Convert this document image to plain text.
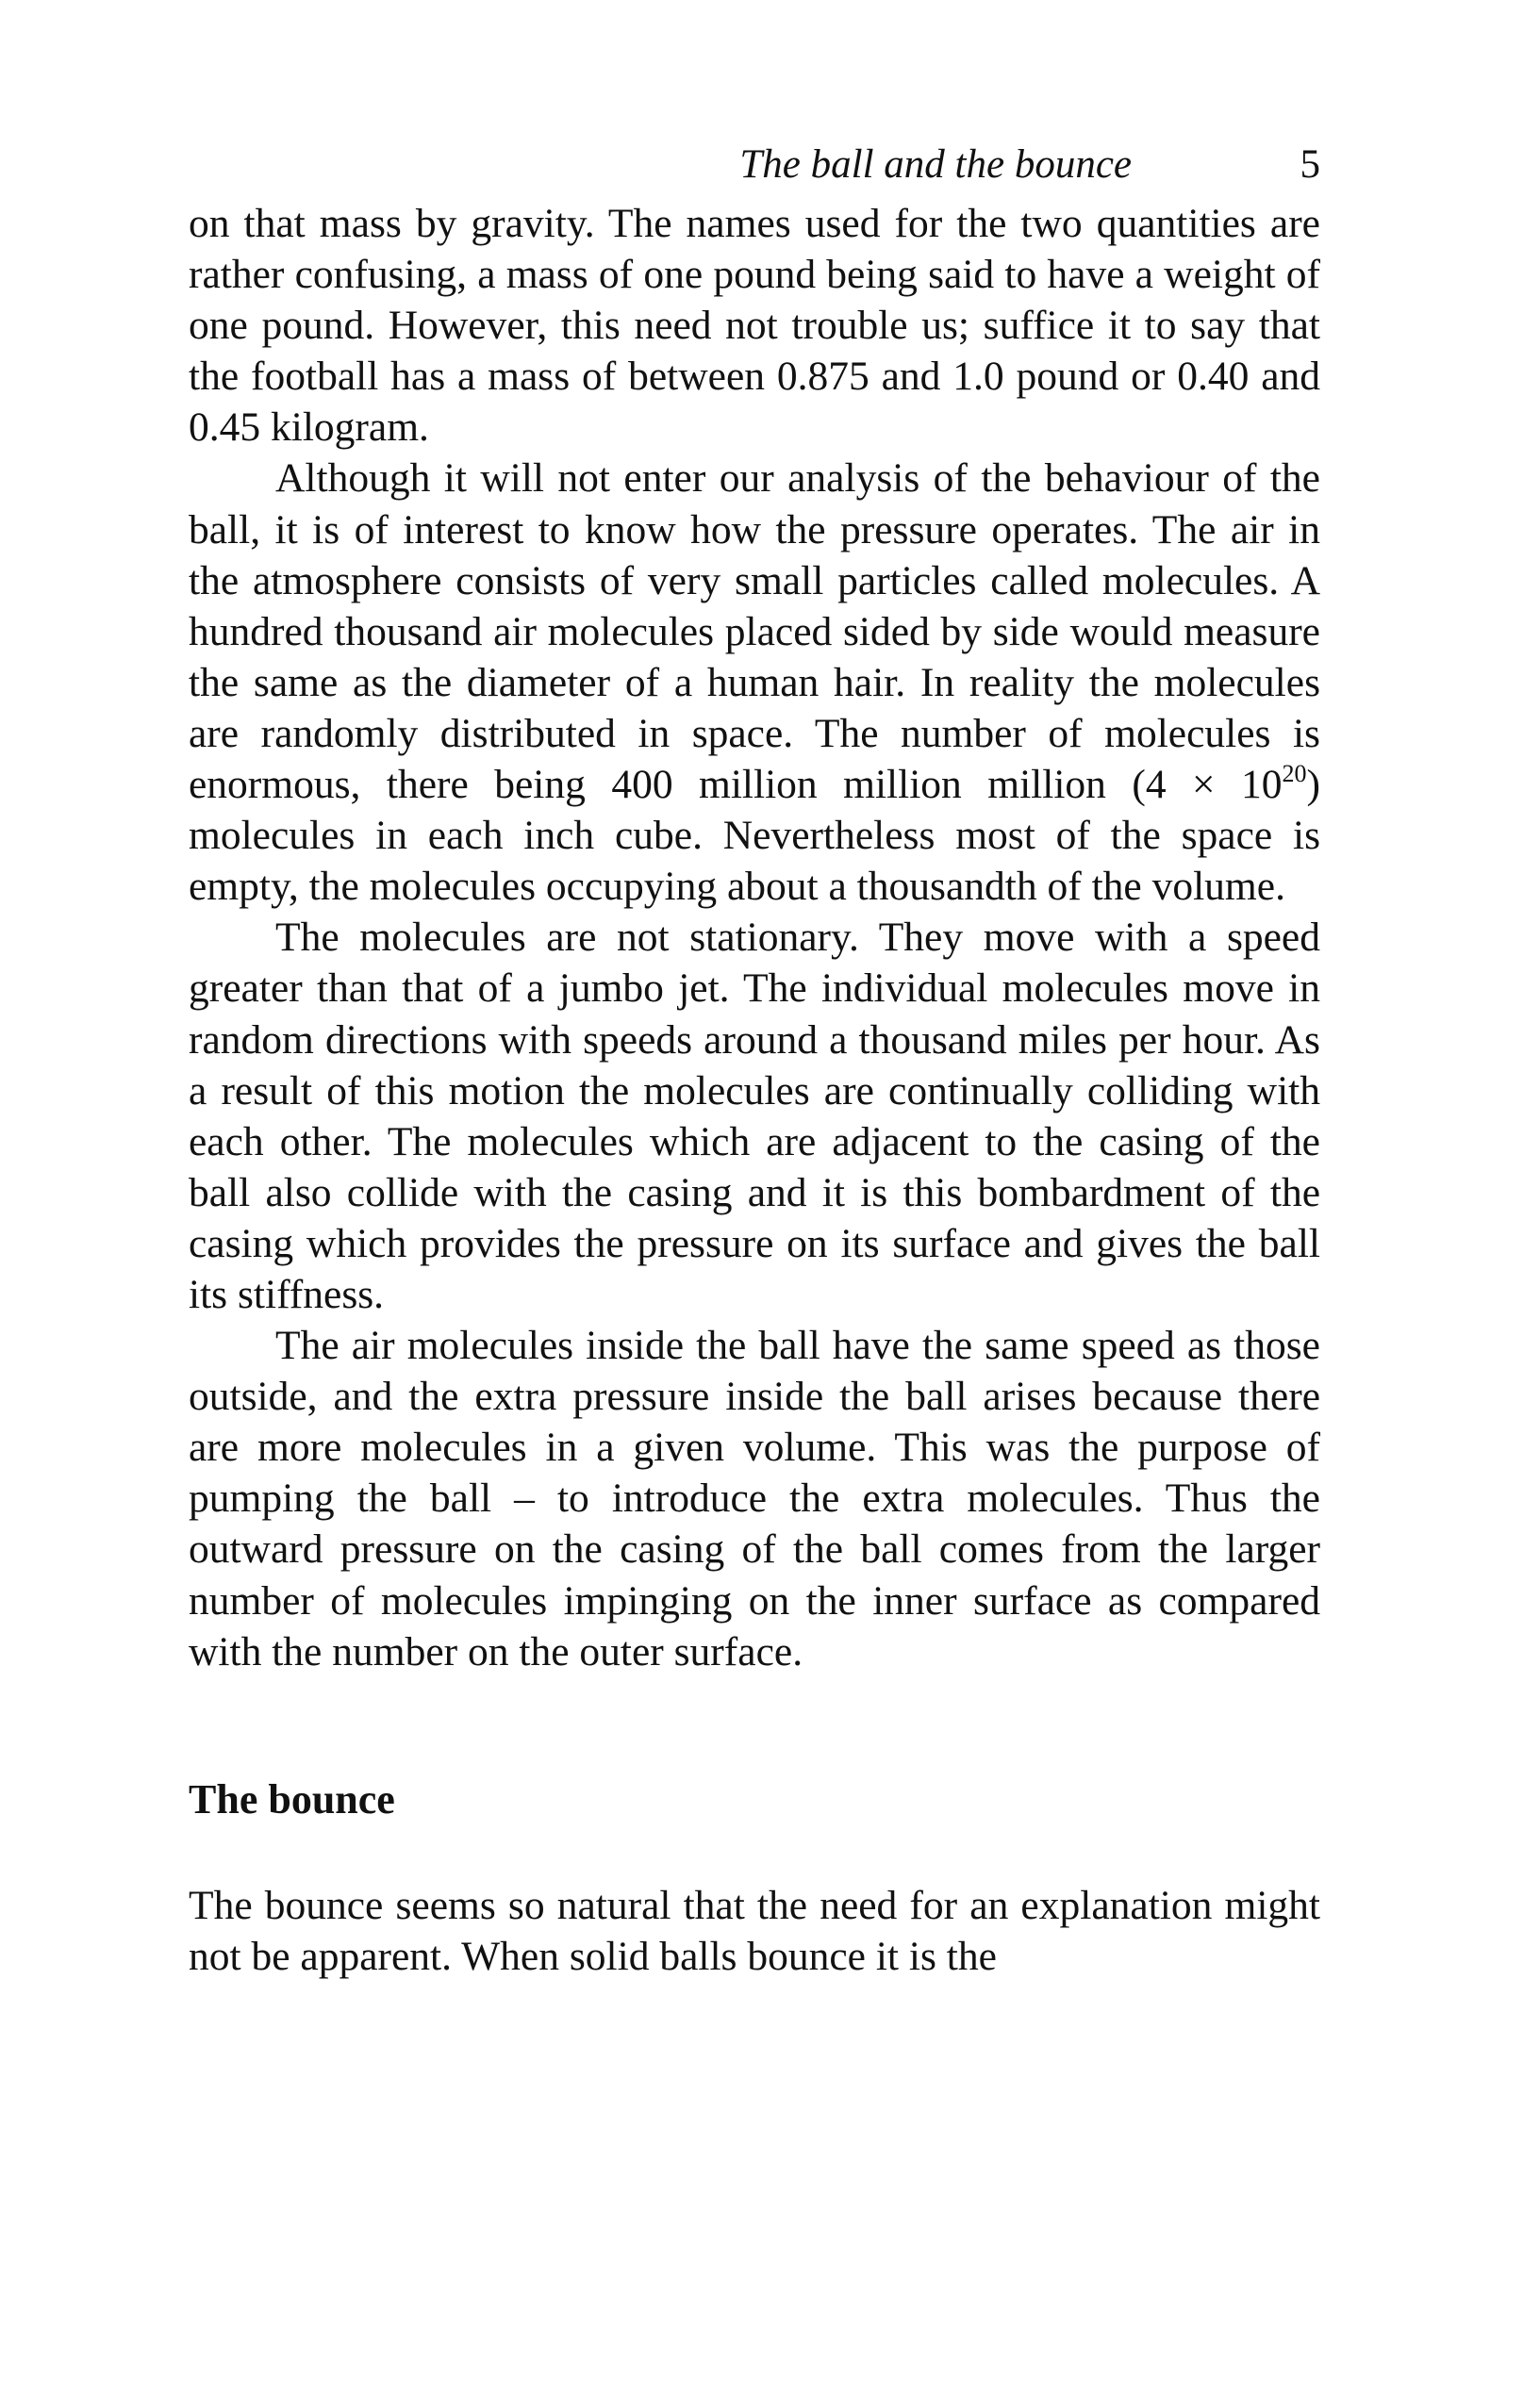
The ball and the bounce	5

on that mass by gravity. The names used for the two quantities are rather confusing, a mass of one pound being said to have a weight of one pound. However, this need not trouble us; suffice it to say that the football has a mass of between 0.875 and 1.0 pound or 0.40 and 0.45 kilogram.

Although it will not enter our analysis of the behaviour of the ball, it is of interest to know how the pressure operates. The air in the atmosphere consists of very small particles called molecules. A hundred thousand air molecules placed sided by side would measure the same as the diameter of a human hair. In reality the molecules are randomly distributed in space. The number of molecules is enormous, there being 400 million million million $(4 \times 10^{20})$ molecules in each inch cube. Nevertheless most of the space is empty, the molecules occupying about a thousandth of the volume.

The molecules are not stationary. They move with a speed greater than that of a jumbo jet. The individual molecules move in random directions with speeds around a thousand miles per hour. As a result of this motion the molecules are continually colliding with each other. The molecules which are adjacent to the casing of the ball also collide with the casing and it is this bombardment of the casing which provides the pressure on its surface and gives the ball its stiffness.

The air molecules inside the ball have the same speed as those outside, and the extra pressure inside the ball arises because there are more molecules in a given volume. This was the purpose of pumping the ball – to introduce the extra molecules. Thus the outward pressure on the casing of the ball comes from the larger number of molecules impinging on the inner surface as compared with the number on the outer surface.

The bounce

The bounce seems so natural that the need for an explanation might not be apparent. When solid balls bounce it is the
